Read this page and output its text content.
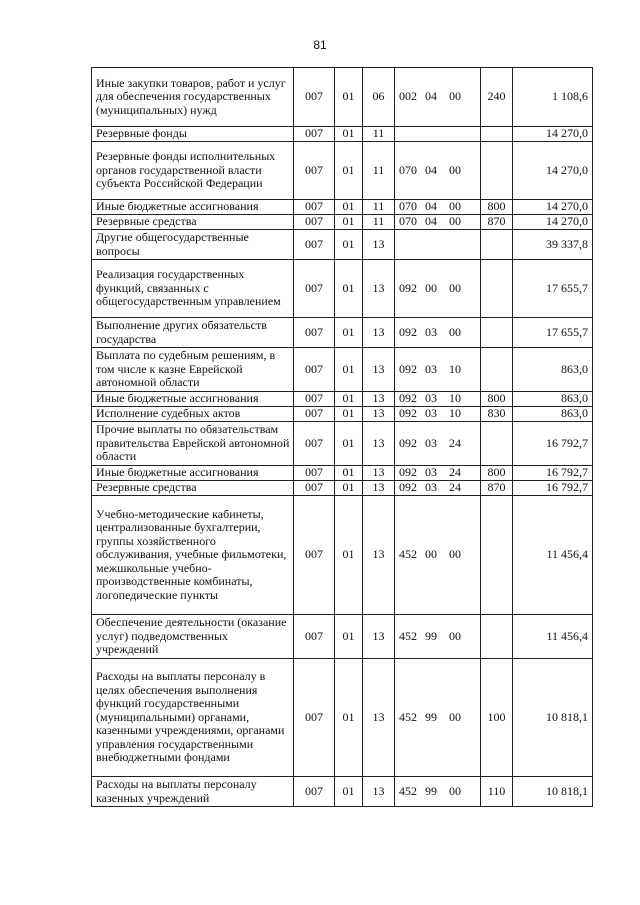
81
Иные закупки товаров, работ и услуг для обеспечения государственных (муниципальных) нужд	007	01	06	002 04 00	240	1 108,6
Резервные фонды	007	01	11			14 270,0
Резервные фонды исполнительных органов государственной власти субъекта Российской Федерации	007	01	11	070 04 00		14 270,0
Иные бюджетные ассигнования	007	01	11	070 04 00	800	14 270,0
Резервные средства	007	01	11	070 04 00	870	14 270,0
Другие общегосударственные вопросы	007	01	13			39 337,8
Реализация государственных функций, связанных с общегосударственным управлением	007	01	13	092 00 00		17 655,7
Выполнение других обязательств государства	007	01	13	092 03 00		17 655,7
Выплата по судебным решениям, в том числе к казне Еврейской автономной области	007	01	13	092 03 10		863,0
Иные бюджетные ассигнования	007	01	13	092 03 10	800	863,0
Исполнение судебных актов	007	01	13	092 03 10	830	863,0
Прочие выплаты по обязательствам правительства Еврейской автономной области	007	01	13	092 03 24		16 792,7
Иные бюджетные ассигнования	007	01	13	092 03 24	800	16 792,7
Резервные средства	007	01	13	092 03 24	870	16 792,7
Учебно-методические кабинеты, централизованные бухгалтерии, группы хозяйственного обслуживания, учебные фильмотеки, межшкольные учебно-производственные комбинаты, логопедические пункты	007	01	13	452 00 00		11 456,4
Обеспечение деятельности (оказание услуг) подведомственных учреждений	007	01	13	452 99 00		11 456,4
Расходы на выплаты персоналу в целях обеспечения выполнения функций государственными (муниципальными) органами, казенными учреждениями, органами управления государственными внебюджетными фондами	007	01	13	452 99 00	100	10 818,1
Расходы на выплаты персоналу казенных учреждений	007	01	13	452 99 00	110	10 818,1
